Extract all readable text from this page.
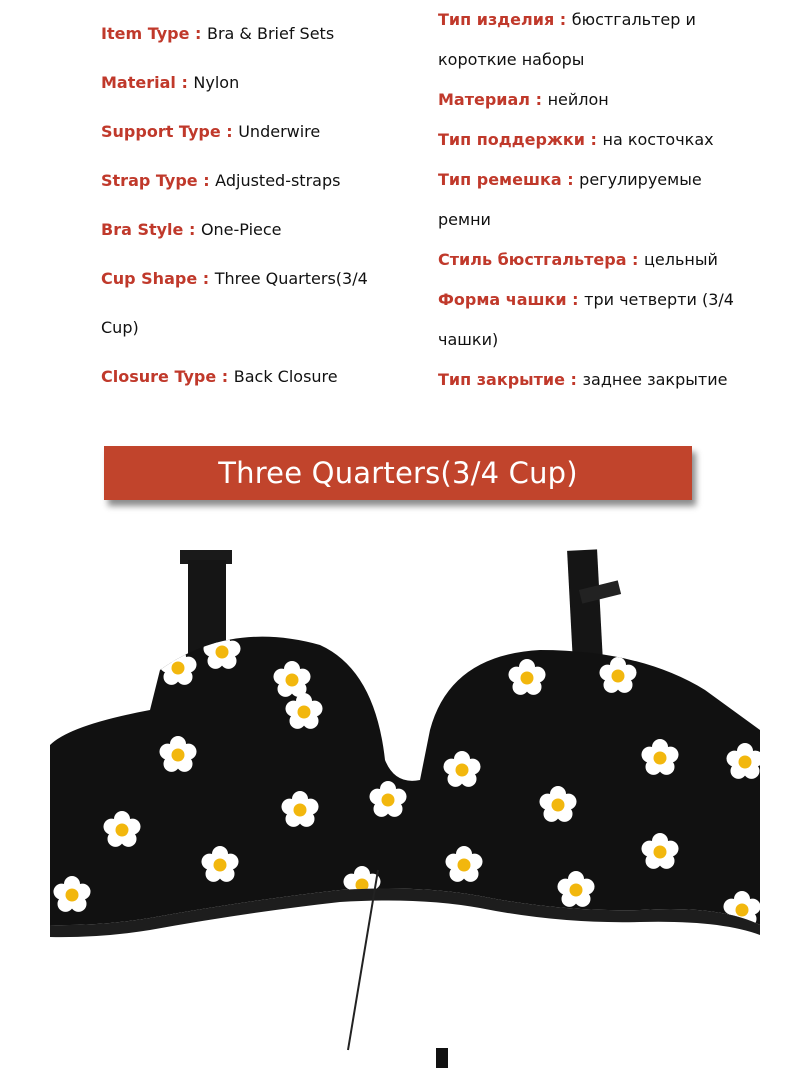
Item Type : Bra & Brief Sets
Material : Nylon
Support Type : Underwire
Strap Type : Adjusted-straps
Bra Style : One-Piece
Cup Shape : Three Quarters(3/4
Cup)
Closure Type : Back Closure
Тип изделия : бюстгальтер и
короткие наборы
Материал : нейлон
Тип поддержки : на косточках
Тип ремешка : регулируемые
ремни
Стиль бюстгальтера : цельный
Форма чашки : три четверти (3/4
чашки)
Тип закрытие : заднее закрытие
Three Quarters(3/4 Cup)
